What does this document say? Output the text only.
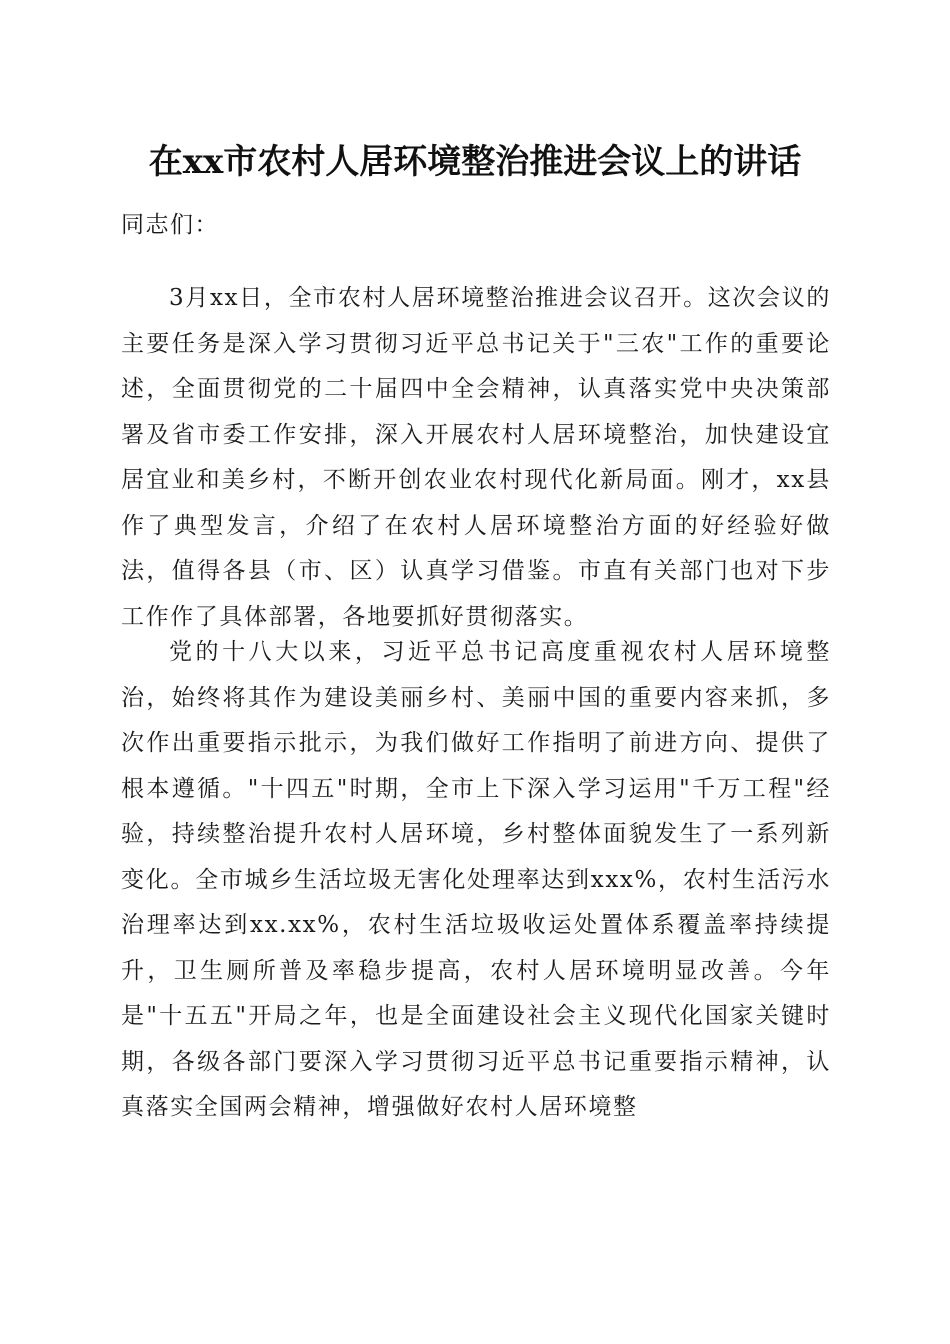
在xx市农村人居环境整治推进会议上的讲话
同志们：

3月xx日，全市农村人居环境整治推进会议召开。这次会议的主要任务是深入学习贯彻习近平总书记关于"三农"工作的重要论述，全面贯彻党的二十届四中全会精神，认真落实党中央决策部署及省市委工作安排，深入开展农村人居环境整治，加快建设宜居宜业和美乡村，不断开创农业农村现代化新局面。刚才，xx县作了典型发言，介绍了在农村人居环境整治方面的好经验好做法，值得各县（市、区）认真学习借鉴。市直有关部门也对下步工作作了具体部署，各地要抓好贯彻落实。

党的十八大以来，习近平总书记高度重视农村人居环境整治，始终将其作为建设美丽乡村、美丽中国的重要内容来抓，多次作出重要指示批示，为我们做好工作指明了前进方向、提供了根本遵循。"十四五"时期，全市上下深入学习运用"千万工程"经验，持续整治提升农村人居环境，乡村整体面貌发生了一系列新变化。全市城乡生活垃圾无害化处理率达到xxx%，农村生活污水治理率达到xx.xx%，农村生活垃圾收运处置体系覆盖率持续提升，卫生厕所普及率稳步提高，农村人居环境明显改善。今年是"十五五"开局之年，也是全面建设社会主义现代化国家关键时期，各级各部门要深入学习贯彻习近平总书记重要指示精神，认真落实全国两会精神，增强做好农村人居环境整
